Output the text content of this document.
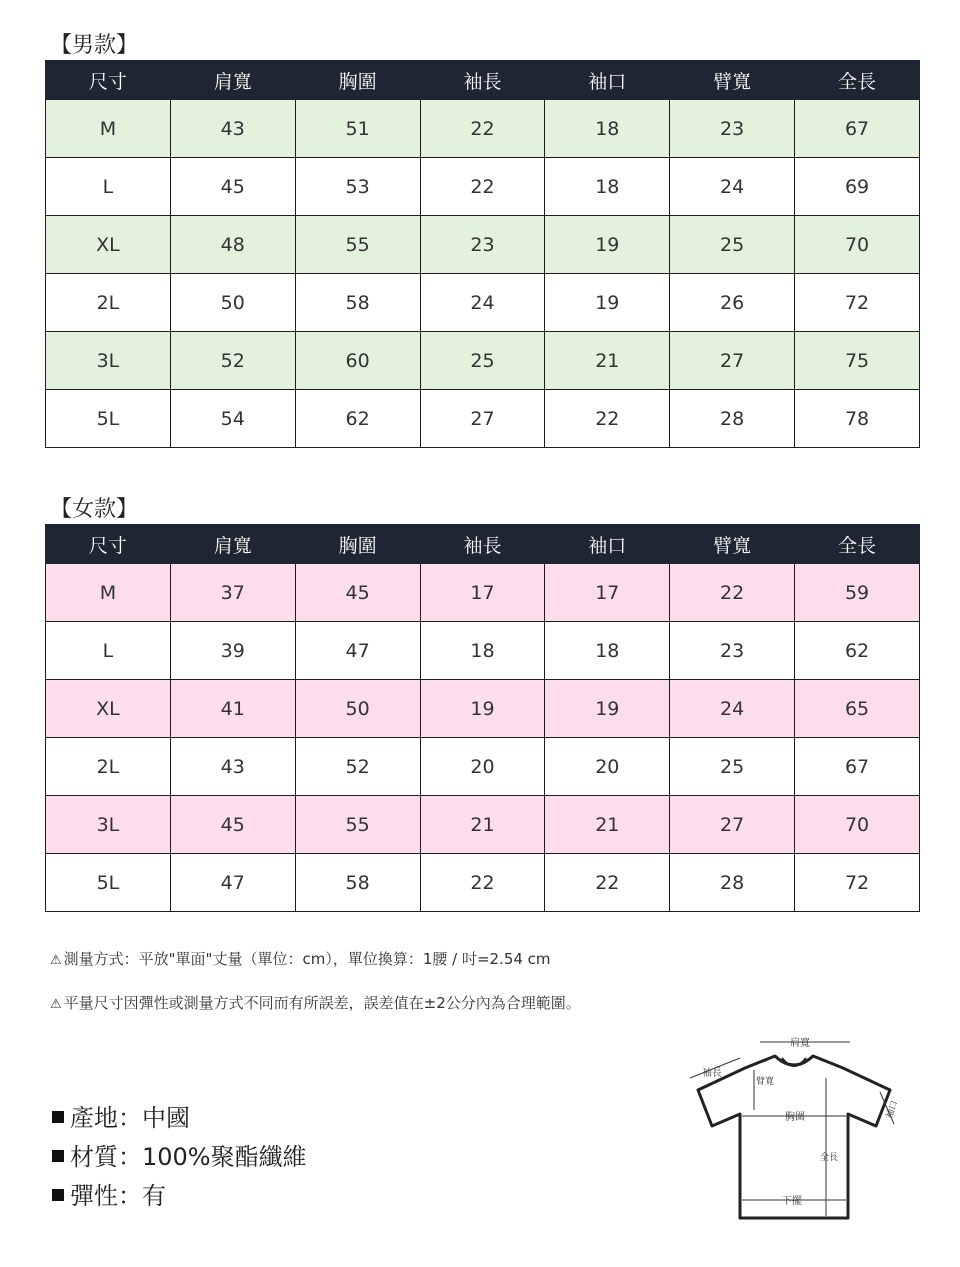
【男款】
尺寸	肩寬	胸圍	袖長	袖口	臂寬	全長
M	43	51	22	18	23	67
L	45	53	22	18	24	69
XL	48	55	23	19	25	70
2L	50	58	24	19	26	72
3L	52	60	25	21	27	75
5L	54	62	27	22	28	78
【女款】
尺寸	肩寬	胸圍	袖長	袖口	臂寬	全長
M	37	45	17	17	22	59
L	39	47	18	18	23	62
XL	41	50	19	19	24	65
2L	43	52	20	20	25	67
3L	45	55	21	21	27	70
5L	47	58	22	22	28	72
⚠ 測量方式：平放"單面"丈量（單位：cm），單位換算：1腰 / 吋=2.54 cm
⚠ 平量尺寸因彈性或測量方式不同而有所誤差，誤差值在±2公分內為合理範圍。
產地：中國
材質：100%聚酯纖維
彈性：有
肩寬
袖長
臂寬
胸圍	袖口
全長
下擺
